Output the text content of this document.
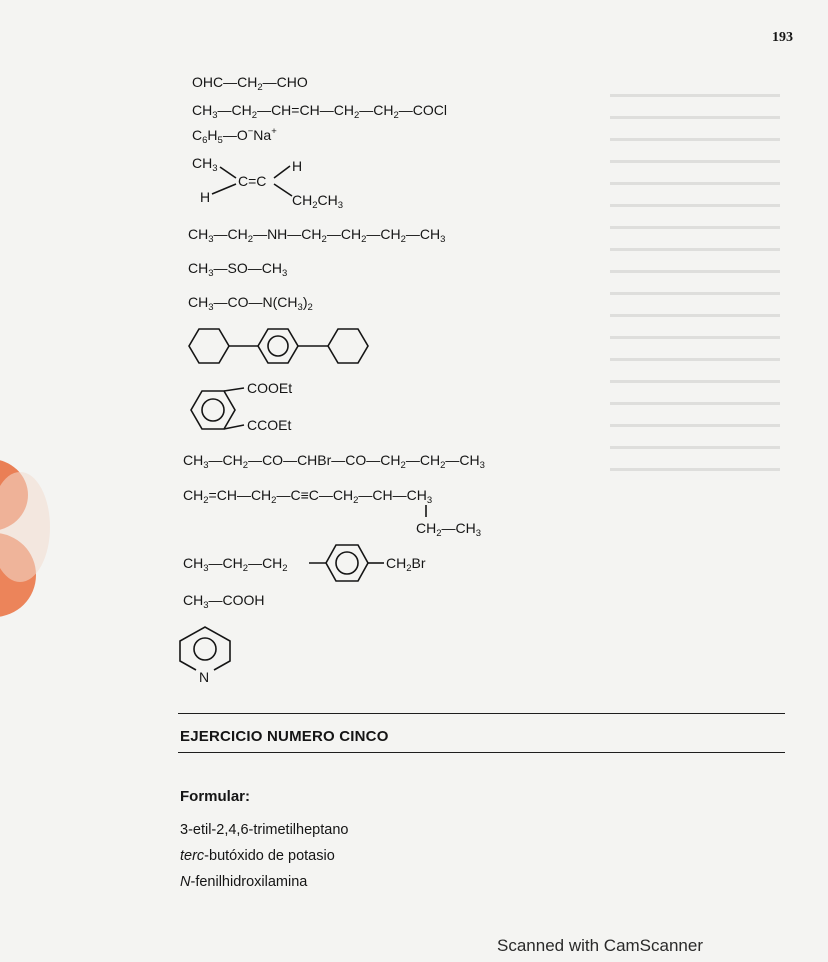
193
$OHC—CH_2—CHO$
$CH_3—CH_2—CH=CH—CH_2—CH_2—COCl$
$C_6H_5—O^-Na^+$
$CH_3$	H
C=C
H	$CH_2CH_3$
$CH_3—CH_2—NH—CH_2—CH_2—CH_2—CH_3$
$CH_3—SO—CH_3$
$CH_3—CO—N(CH_3)_2$
COOEt
CCOEt
$CH_3—CH_2—CO—CHBr—CO—CH_2—CH_2—CH_3$
$CH_2=CH—CH_2—C\equiv C—CH_2—CH—CH_3$
$CH_2—CH_3$
$CH_3—CH_2—CH_2$	$CH_2Br$
$CH_3—COOH$
N
EJERCICIO NUMERO CINCO
Formular:
3-etil-2,4,6-trimetilheptano
terc-butóxido de potasio
N-fenilhidroxilamina
Scanned with CamScanner
